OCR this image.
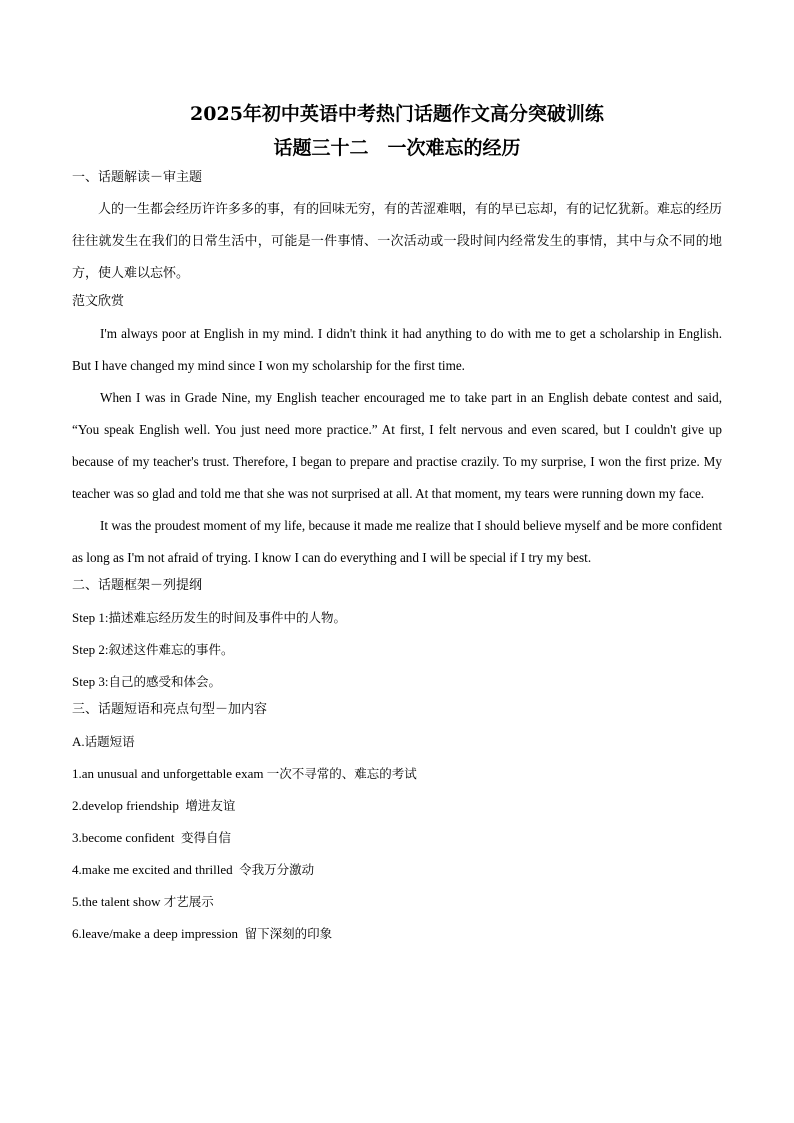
2025年初中英语中考热门话题作文高分突破训练
话题三十二　一次难忘的经历
一、话题解读－审主题

人的一生都会经历许许多多的事，有的回味无穷，有的苦涩难咽，有的早已忘却，有的记忆犹新。难忘的经历往往就发生在我们的日常生活中，可能是一件事情、一次活动或一段时间内经常发生的事情，其中与众不同的地方，使人难以忘怀。

范文欣赏

I'm always poor at English in my mind. I didn't think it had anything to do with me to get a scholarship in English. But I have changed my mind since I won my scholarship for the first time.

When I was in Grade Nine, my English teacher encouraged me to take part in an English debate contest and said, “You speak English well. You just need more practice.” At first, I felt nervous and even scared, but I couldn't give up because of my teacher's trust. Therefore, I began to prepare and practise crazily. To my surprise, I won the first prize. My teacher was so glad and told me that she was not surprised at all. At that moment, my tears were running down my face.

It was the proudest moment of my life, because it made me realize that I should believe myself and be more confident as long as I'm not afraid of trying. I know I can do everything and I will be special if I try my best.

二、话题框架－列提纲
Step 1:描述难忘经历发生的时间及事件中的人物。
Step 2:叙述这件难忘的事件。
Step 3:自己的感受和体会。
三、话题短语和亮点句型－加内容
A.话题短语
1.an unusual and unforgettable exam 一次不寻常的、难忘的考试
2.develop friendship  增进友谊
3.become confident  变得自信
4.make me excited and thrilled  令我万分激动
5.the talent show 才艺展示
6.leave/make a deep impression  留下深刻的印象
